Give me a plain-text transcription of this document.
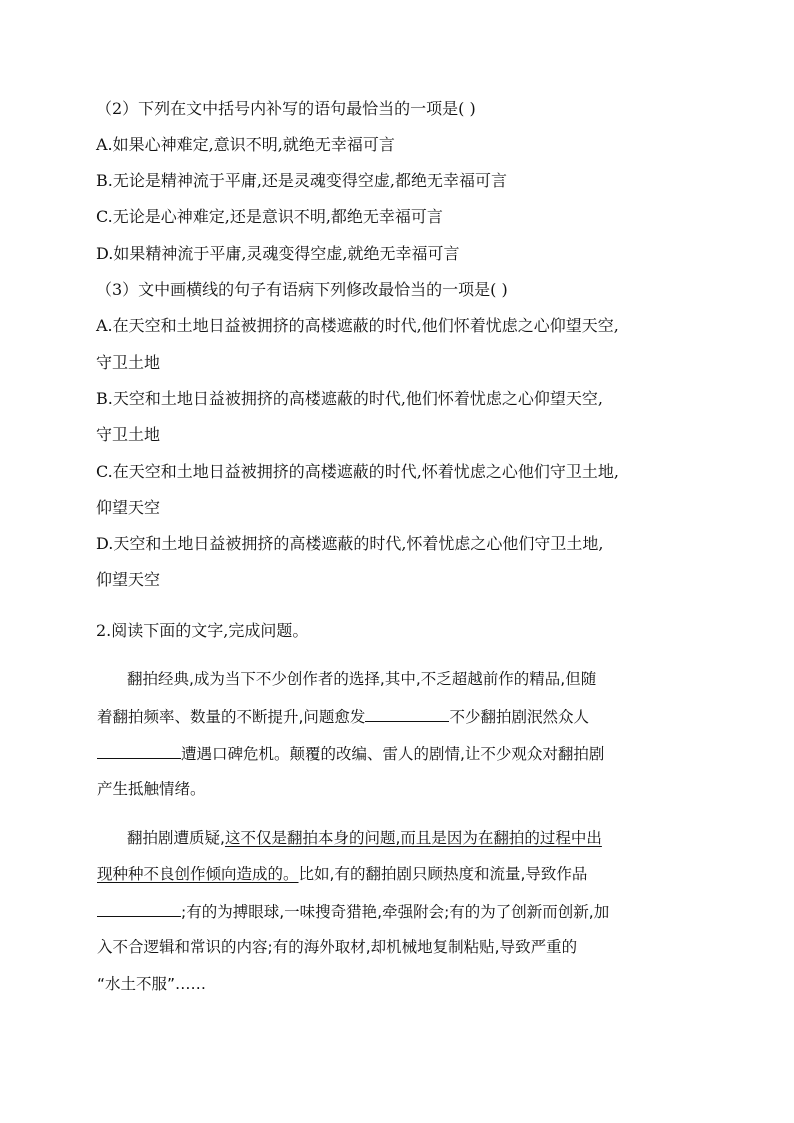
（2）下列在文中括号内补写的语句最恰当的一项是( )
A.如果心神难定,意识不明,就绝无幸福可言
B.无论是精神流于平庸,还是灵魂变得空虚,都绝无幸福可言
C.无论是心神难定,还是意识不明,都绝无幸福可言
D.如果精神流于平庸,灵魂变得空虚,就绝无幸福可言
（3）文中画横线的句子有语病下列修改最恰当的一项是( )
A.在天空和土地日益被拥挤的高楼遮蔽的时代,他们怀着忧虑之心仰望天空,
守卫土地
B.天空和土地日益被拥挤的高楼遮蔽的时代,他们怀着忧虑之心仰望天空,
守卫土地
C.在天空和土地日益被拥挤的高楼遮蔽的时代,怀着忧虑之心他们守卫土地,
仰望天空
D.天空和土地日益被拥挤的高楼遮蔽的时代,怀着忧虑之心他们守卫土地,
仰望天空
2.阅读下面的文字,完成问题。
翻拍经典,成为当下不少创作者的选择,其中,不乏超越前作的精品,但随
着翻拍频率、数量的不断提升,问题愈发	不少翻拍剧泯然众人
遭遇口碑危机。颠覆的改编、雷人的剧情,让不少观众对翻拍剧
产生抵触情绪。
翻拍剧遭质疑,这不仅是翻拍本身的问题,而且是因为在翻拍的过程中出
现种种不良创作倾向造成的。比如,有的翻拍剧只顾热度和流量,导致作品
;有的为搏眼球,一味搜奇猎艳,牵强附会;有的为了创新而创新,加
入不合逻辑和常识的内容;有的海外取材,却机械地复制粘贴,导致严重的
“水土不服”……
